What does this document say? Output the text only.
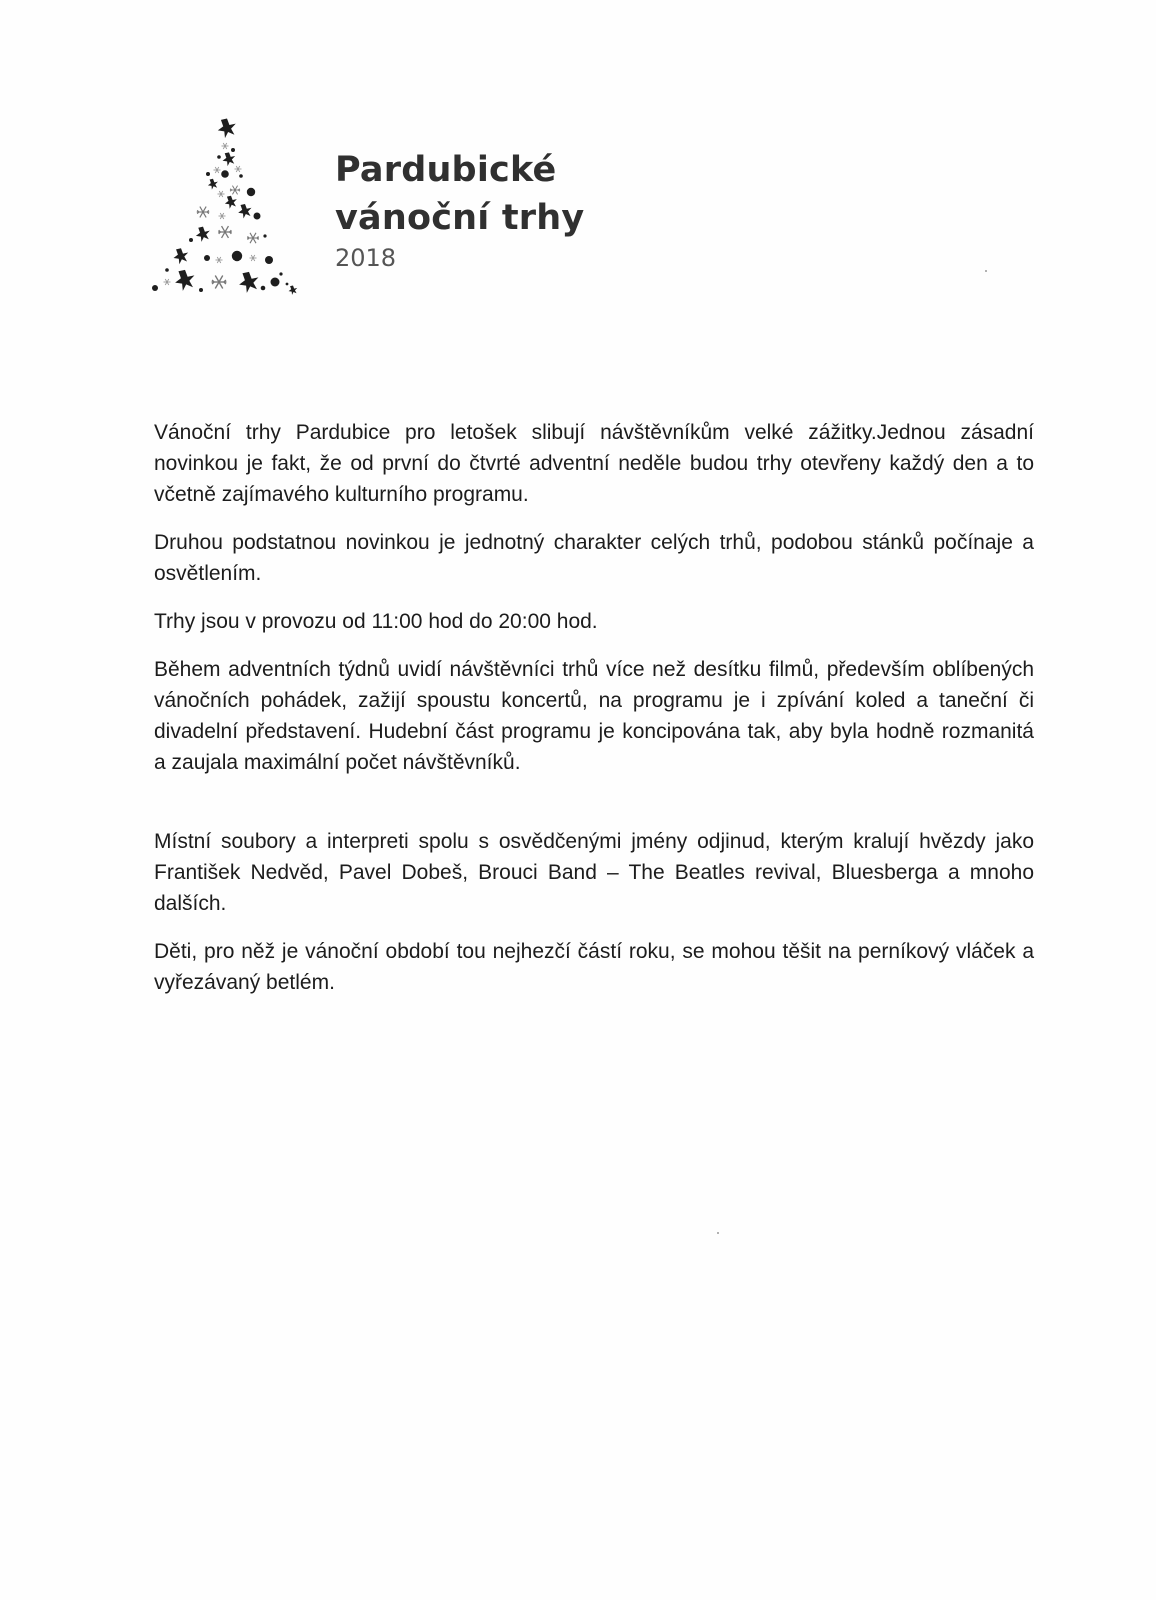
Pardubické
vánoční trhy
2018

Vánoční trhy Pardubice pro letošek slibují návštěvníkům velké zážitky.Jednou zásadní novinkou je fakt, že od první do čtvrté adventní neděle budou trhy otevřeny každý den a to včetně zajímavého kulturního programu.

Druhou podstatnou novinkou je jednotný charakter celých trhů, podobou stánků počínaje a osvětlením.

Trhy jsou v provozu od 11:00 hod do 20:00 hod.

Během adventních týdnů uvidí návštěvníci trhů více než desítku filmů, především oblíbených vánočních pohádek, zažijí spoustu koncertů, na programu je i zpívání koled a taneční či divadelní představení. Hudební část programu je koncipována tak, aby byla hodně rozmanitá a zaujala maximální počet návštěvníků.

Místní soubory a interpreti spolu s osvědčenými jmény odjinud, kterým kralují hvězdy jako František Nedvěd, Pavel Dobeš, Brouci Band – The Beatles revival, Bluesberga a mnoho dalších.

Děti, pro něž je vánoční období tou nejhezčí částí roku, se mohou těšit na perníkový vláček a vyřezávaný betlém.
